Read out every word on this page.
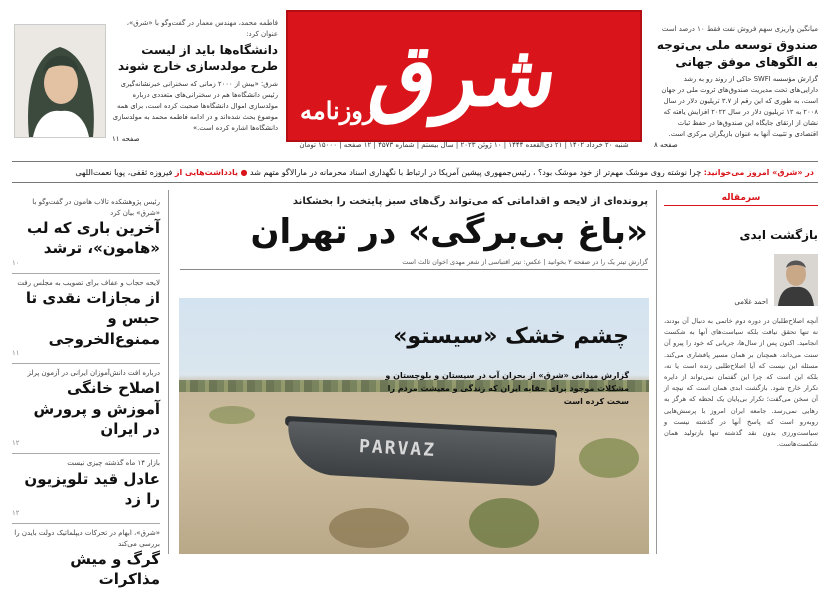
شرق
روزنامه
شنبه ۲۰ خرداد ۱۴۰۲ | ۲۱ ذی‌القعده ۱۴۴۴ | ۱۰ ژوئن ۲۰۲۳ | سال بیستم | شماره ۴۵۷۳ | ۱۲ صفحه | ۱۵۰۰۰ تومان
فاطمه محمد، مهندس معمار در گفت‌وگو با «شرق»، عنوان کرد:
دانشگاه‌ها باید از لیست طرح مولدسازی خارج شوند
شرق: «بیش از ۲۰۰۰ زمانی که سخنرانی خبرنشانه‌گیری رئیس دانشگاه‌ها هم در سخنرانی‌های متعددی درباره مولدسازی اموال دانشگاه‌ها صحبت کرده است، برای همه موضوع بحث شده‌اند و در ادامه فاطمه محمد به مولدسازی دانشگاه‌ها اشاره کرده است.»
صفحه ۱۱
میانگین واریزی سهم فروش نفت فقط ۱۰ درصد است
صندوق توسعه ملی بی‌توجه به الگوهای موفق جهانی
گزارش مؤسسه SWFI حاکی از روند رو به رشد دارایی‌های تحت مدیریت صندوق‌های ثروت ملی در جهان است، به طوری که این رقم از ۳.۷ تریلیون دلار در سال ۲۰۰۸ به ۱۲ تریلیون دلار در سال ۲۰۲۲ افزایش یافته که نشان از ارتقای جایگاه این صندوق‌ها در حفظ ثبات اقتصادی و تثبیت آنها به عنوان بازیگران مرکزی است.
صفحه ۸
در «شرق» امروز می‌خوانید: چرا نوشته روی موشک مهم‌تر از خود موشک بود؟ ، رئیس‌جمهوری پیشین آمریکا در ارتباط با نگهداری اسناد محرمانه در مارالاگو متهم شد ● یادداشت‌هایی از فیروزه ثقفی، پویا نعمت‌اللهی
رئیس پژوهشکده تالاب هامون در گفت‌وگو با «شرق» بیان کرد
آخرین باری که لب «هامون»، ترشد
۱۰
لایحه حجاب و عفاف برای تصویب به مجلس رفت
از مجازات نقدی تا حبس و ممنوع‌الخروجی
۱۱
درباره افت دانش‌آموزان ایرانی در آزمون پرلز
اصلاح خانگی آموزش و پرورش در ایران
۱۲
بازار ۱۴ ماه گذشته چیزی نیست
عادل قید تلویزیون را زد
۱۲
«شرق»، ابهام در تحرکات دیپلماتیک دولت بایدن را بررسی می‌کند
گرگ و میش مذاکرات
پرونده‌ای از لایحه و اقداماتی که می‌تواند رگ‌های سبز پایتخت را بخشکاند
«باغ بی‌برگی» در تهران
گزارش تیتر یک را در صفحه ۲ بخوانید | عکس: تیتر اقتباسی از شعر مهدی اخوان ثالث است
PARVAZ
چشم خشک «سیستو»
گزارش میدانی «شرق» از بحران آب در سیستان و بلوچستان و مشکلات موجود برای حقابه ایران که زندگی و معیشت مردم را سخت کرده است
سرمقاله
بازگشت ابدی
احمد غلامی
آنچه اصلاح‌طلبان در دوره دوم خاتمی به دنبال آن بودند، نه تنها تحقق نیافت بلکه سیاست‌های آنها به شکست انجامید. اکنون پس از سال‌ها، جریانی که خود را پیرو آن سنت می‌داند، همچنان بر همان مسیر پافشاری می‌کند. مسئله این نیست که آیا اصلاح‌طلبی زنده است یا نه، بلکه این است که چرا این گفتمان نمی‌تواند از دایره تکرار خارج شود. بازگشت ابدی همان است که نیچه از آن سخن می‌گفت؛ تکرار بی‌پایان یک لحظه که هرگز به رهایی نمی‌رسد. جامعه ایران امروز با پرسش‌هایی روبه‌رو است که پاسخ آنها در گذشته نیست و سیاست‌ورزی بدون نقد گذشته تنها بازتولید همان شکست‌هاست.
